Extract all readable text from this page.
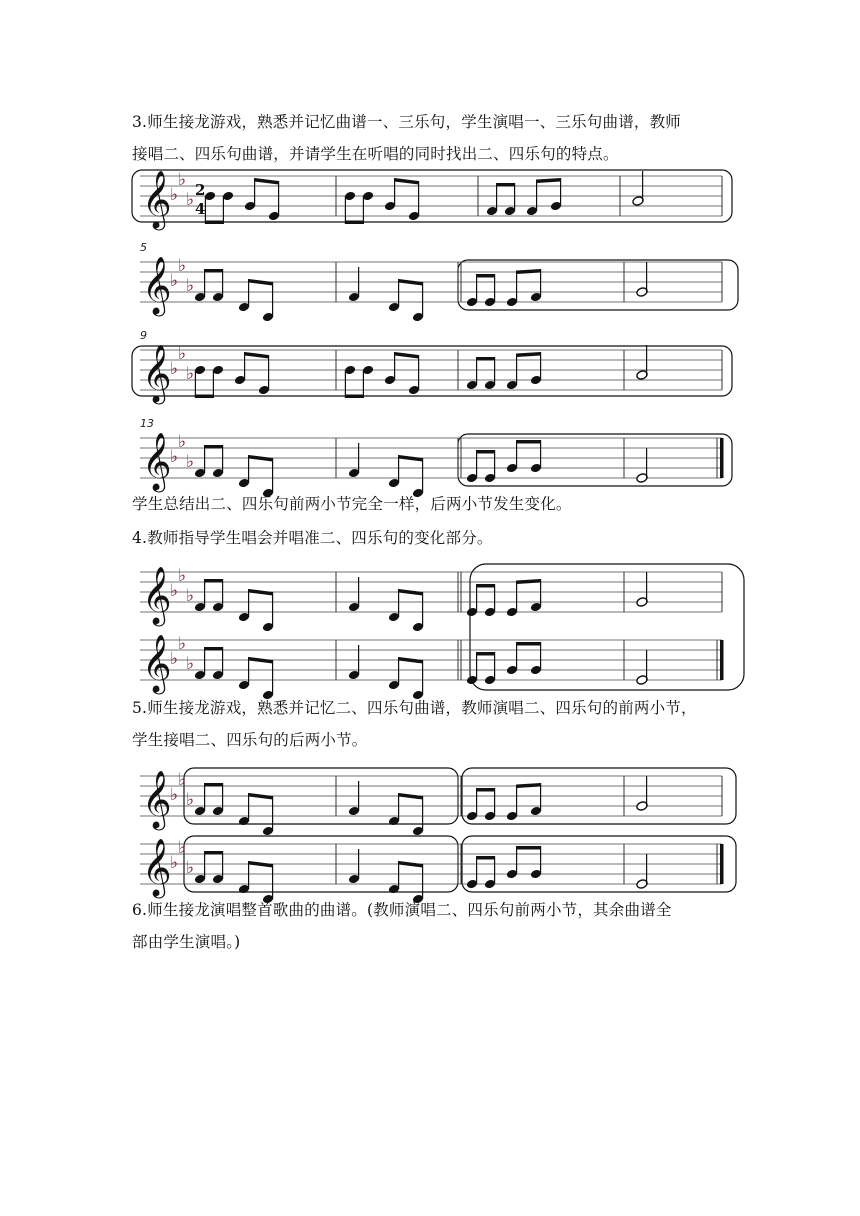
3.师生接龙游戏，熟悉并记忆曲谱一、三乐句，学生演唱一、三乐句曲谱，教师

接唱二、四乐句曲谱，并请学生在听唱的同时找出二、四乐句的特点。

𝄞
♭
♭
♭ 2
4
5
𝄞
♭
♭
♭
9
𝄞
♭
♭
♭
13
𝄞
♭
♭
♭

学生总结出二、四乐句前两小节完全一样，后两小节发生变化。

4.教师指导学生唱会并唱准二、四乐句的变化部分。

𝄞
♭
♭
♭
𝄞
♭
♭
♭

5.师生接龙游戏，熟悉并记忆二、四乐句曲谱，教师演唱二、四乐句的前两小节，

学生接唱二、四乐句的后两小节。

𝄞
♭
♭
♭
𝄞
♭
♭
♭

6.师生接龙演唱整首歌曲的曲谱。(教师演唱二、四乐句前两小节，其余曲谱全

部由学生演唱。)
